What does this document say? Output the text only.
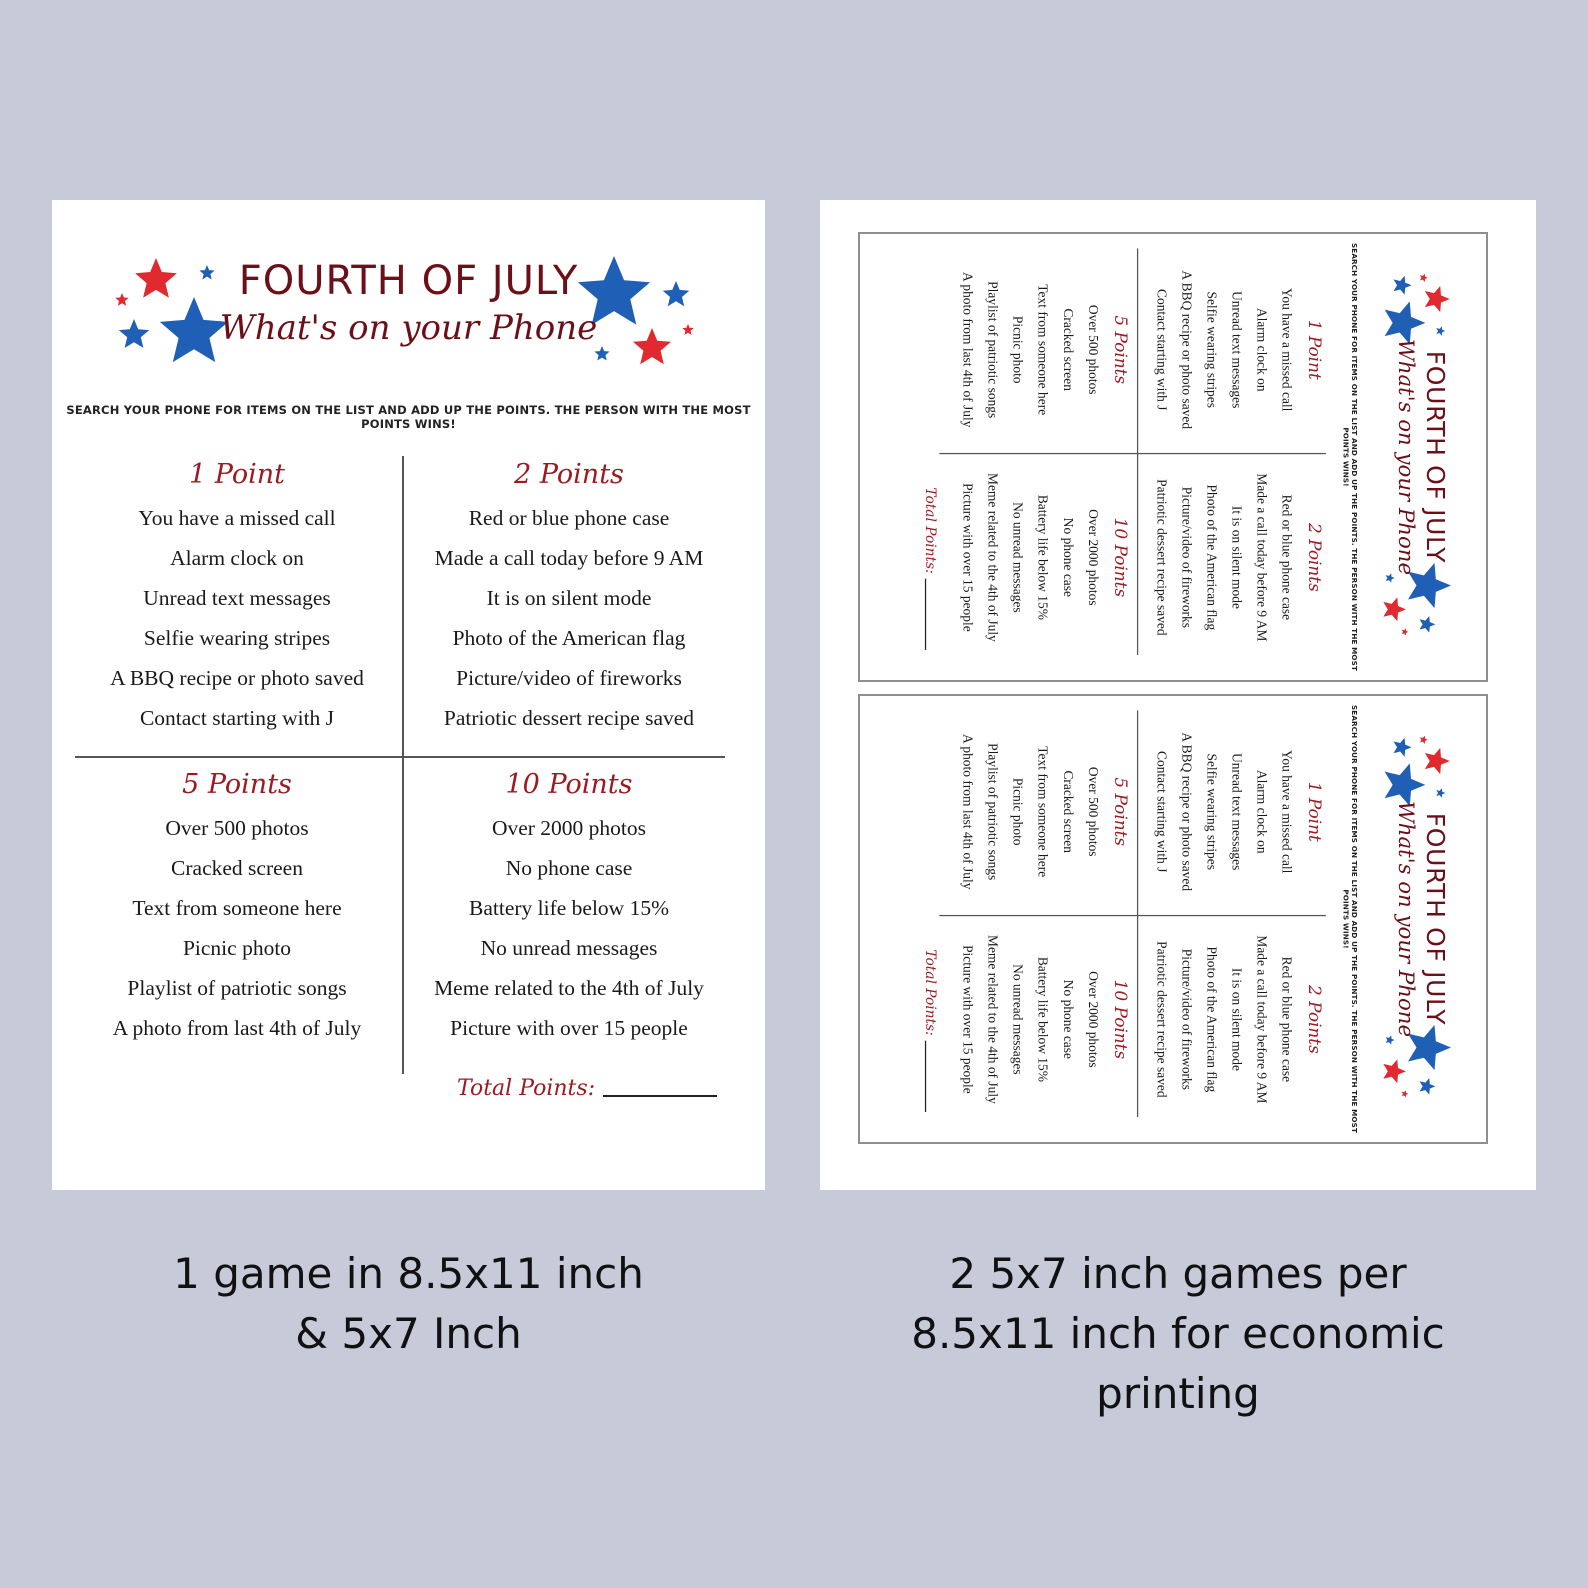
FOURTH OF JULY
What's on your Phone
SEARCH YOUR PHONE FOR ITEMS ON THE LIST AND ADD UP THE POINTS. THE PERSON WITH THE MOST POINTS WINS!
1 Point
You have a missed call
Alarm clock on
Unread text messages
Selfie wearing stripes
A BBQ recipe or photo saved
Contact starting with J
2 Points
Red or blue phone case
Made a call today before 9 AM
It is on silent mode
Photo of the American flag
Picture/video of fireworks
Patriotic dessert recipe saved
5 Points
Over 500 photos
Cracked screen
Text from someone here
Picnic photo
Playlist of patriotic songs
A photo from last 4th of July
10 Points
Over 2000 photos
No phone case
Battery life below 15%
No unread messages
Meme related to the 4th of July
Picture with over 15 people
Total Points:
FOURTH OF JULY
What's on your Phone
SEARCH YOUR PHONE FOR ITEMS ON THE LIST AND ADD UP THE POINTS. THE PERSON WITH THE MOST POINTS WINS!
1 Point
You have a missed call
Alarm clock on
Unread text messages
Selfie wearing stripes
A BBQ recipe or photo saved
Contact starting with J
2 Points
Red or blue phone case
Made a call today before 9 AM
It is on silent mode
Photo of the American flag
Picture/video of fireworks
Patriotic dessert recipe saved
5 Points
Over 500 photos
Cracked screen
Text from someone here
Picnic photo
Playlist of patriotic songs
A photo from last 4th of July
10 Points
Over 2000 photos
No phone case
Battery life below 15%
No unread messages
Meme related to the 4th of July
Picture with over 15 people
Total Points:
FOURTH OF JULY
What's on your Phone
SEARCH YOUR PHONE FOR ITEMS ON THE LIST AND ADD UP THE POINTS. THE PERSON WITH THE MOST POINTS WINS!
1 Point
You have a missed call
Alarm clock on
Unread text messages
Selfie wearing stripes
A BBQ recipe or photo saved
Contact starting with J
2 Points
Red or blue phone case
Made a call today before 9 AM
It is on silent mode
Photo of the American flag
Picture/video of fireworks
Patriotic dessert recipe saved
5 Points
Over 500 photos
Cracked screen
Text from someone here
Picnic photo
Playlist of patriotic songs
A photo from last 4th of July
10 Points
Over 2000 photos
No phone case
Battery life below 15%
No unread messages
Meme related to the 4th of July
Picture with over 15 people
Total Points:
1 game in 8.5x11 inch
& 5x7 Inch
2 5x7 inch games per
8.5x11 inch for economic
printing
